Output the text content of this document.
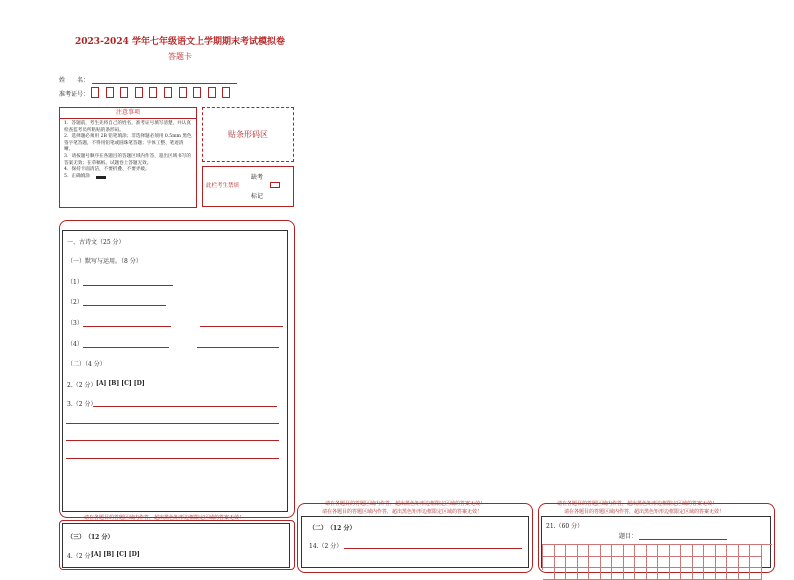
2023-2024 学年七年级语文上学期期末考试模拟卷
答题卡
姓　　名：
准考证号：
注意事项
1．答题前，考生先将自己的姓名，准考证号填写清楚，并认真检查监考员所粘贴的条形码。
2．选择题必须用 2B 铅笔填涂；非选择题必须用 0.5mm 黑色签字笔答题，不得用铅笔或圆珠笔答题；字体工整、笔迹清晰。
3．请按题号顺序在各题目的答题区域内作答，超出区域书写的答案无效；在草稿纸、试题卷上答题无效。
4．保持卡面清洁，不要折叠、不要弄破。
5．正确填涂
贴条形码区
缺考
此栏考生禁填
标记
一、古诗文（25 分）
（一）默写与运用。（8 分）
（1）
（2）
（3）
（4）
（二）（4 分）
2.（2 分） [A] [B] [C] [D]
3.（2 分）
请在各题目的答题区域内作答，超出黑色矩形边框限定区域的答案无效！
（三）　（12 分）
4.（2 分）
[A] [B] [C] [D]
请在各题目的答题区域内作答，超出黑色矩形边框限定区域的答案无效！
请在各题目的答题区域内作答，超出黑色矩形边框限定区域的答案无效！
（二）　（12 分）
14.（2 分）
请在各题目的答题区域内作答，超出黑色矩形边框限定区域的答案无效！
请在各题目的答题区域内作答，超出黑色矩形边框限定区域的答案无效！
21.（60 分）
题目：
